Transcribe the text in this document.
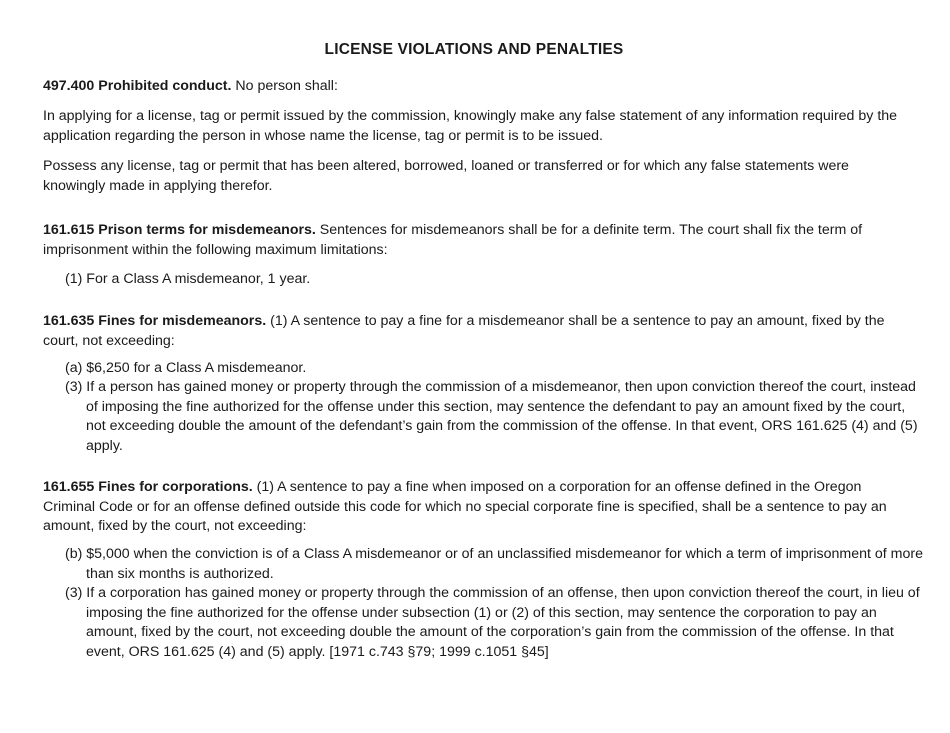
LICENSE VIOLATIONS AND PENALTIES

497.400 Prohibited conduct. No person shall:

In applying for a license, tag or permit issued by the commission, knowingly make any false statement of any information required by the application regarding the person in whose name the license, tag or permit is to be issued.

Possess any license, tag or permit that has been altered, borrowed, loaned or transferred or for which any false statements were knowingly made in applying therefor.

161.615 Prison terms for misdemeanors. Sentences for misdemeanors shall be for a definite term. The court shall fix the term of imprisonment within the following maximum limitations:

(1) For a Class A misdemeanor, 1 year.

161.635 Fines for misdemeanors. (1) A sentence to pay a fine for a misdemeanor shall be a sentence to pay an amount, fixed by the court, not exceeding:

(a) $6,250 for a Class A misdemeanor.
(3) If a person has gained money or property through the commission of a misdemeanor, then upon conviction thereof the court, instead of imposing the fine authorized for the offense under this section, may sentence the defendant to pay an amount fixed by the court, not exceeding double the amount of the defendant’s gain from the commission of the offense. In that event, ORS 161.625 (4) and (5) apply.

161.655 Fines for corporations. (1) A sentence to pay a fine when imposed on a corporation for an offense defined in the Oregon Criminal Code or for an offense defined outside this code for which no special corporate fine is specified, shall be a sentence to pay an amount, fixed by the court, not exceeding:

(b) $5,000 when the conviction is of a Class A misdemeanor or of an unclassified misdemeanor for which a term of imprisonment of more than six months is authorized.
(3) If a corporation has gained money or property through the commission of an offense, then upon conviction thereof the court, in lieu of imposing the fine authorized for the offense under subsection (1) or (2) of this section, may sentence the corporation to pay an amount, fixed by the court, not exceeding double the amount of the corporation’s gain from the commission of the offense. In that event, ORS 161.625 (4) and (5) apply. [1971 c.743 §79; 1999 c.1051 §45]
